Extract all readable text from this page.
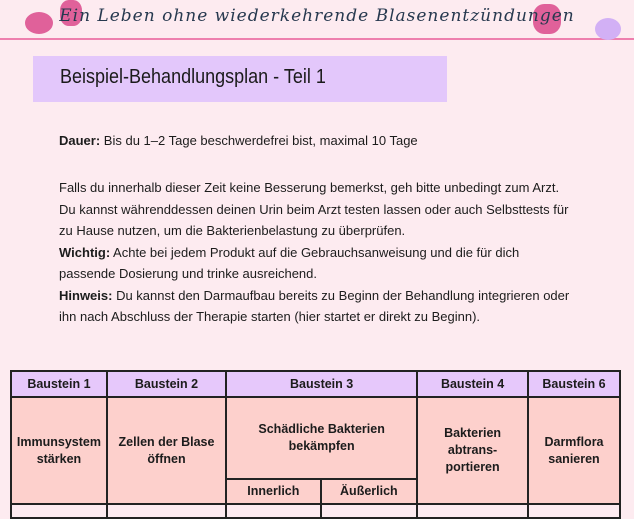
Ein Leben ohne wiederkehrende Blasenentzündungen
Beispiel-Behandlungsplan - Teil 1
Dauer: Bis du 1–2 Tage beschwerdefrei bist, maximal 10 Tage
Falls du innerhalb dieser Zeit keine Besserung bemerkst, geh bitte unbedingt zum Arzt. Du kannst währenddessen deinen Urin beim Arzt testen lassen oder auch Selbsttests für zu Hause nutzen, um die Bakterienbelastung zu überprüfen.
Wichtig: Achte bei jedem Produkt auf die Gebrauchsanweisung und die für dich passende Dosierung und trinke ausreichend.
Hinweis: Du kannst den Darmaufbau bereits zu Beginn der Behandlung integrieren oder ihn nach Abschluss der Therapie starten (hier startet er direkt zu Beginn).
Baustein 1	Baustein 2	Baustein 3		Baustein 4	Baustein 6
Immunsystem stärken	Zellen der Blase öffnen	Schädliche Bakterien bekämpfen		Bakterien abtrans-portieren	Darmflora sanieren
		Innerlich	Äußerlich		
